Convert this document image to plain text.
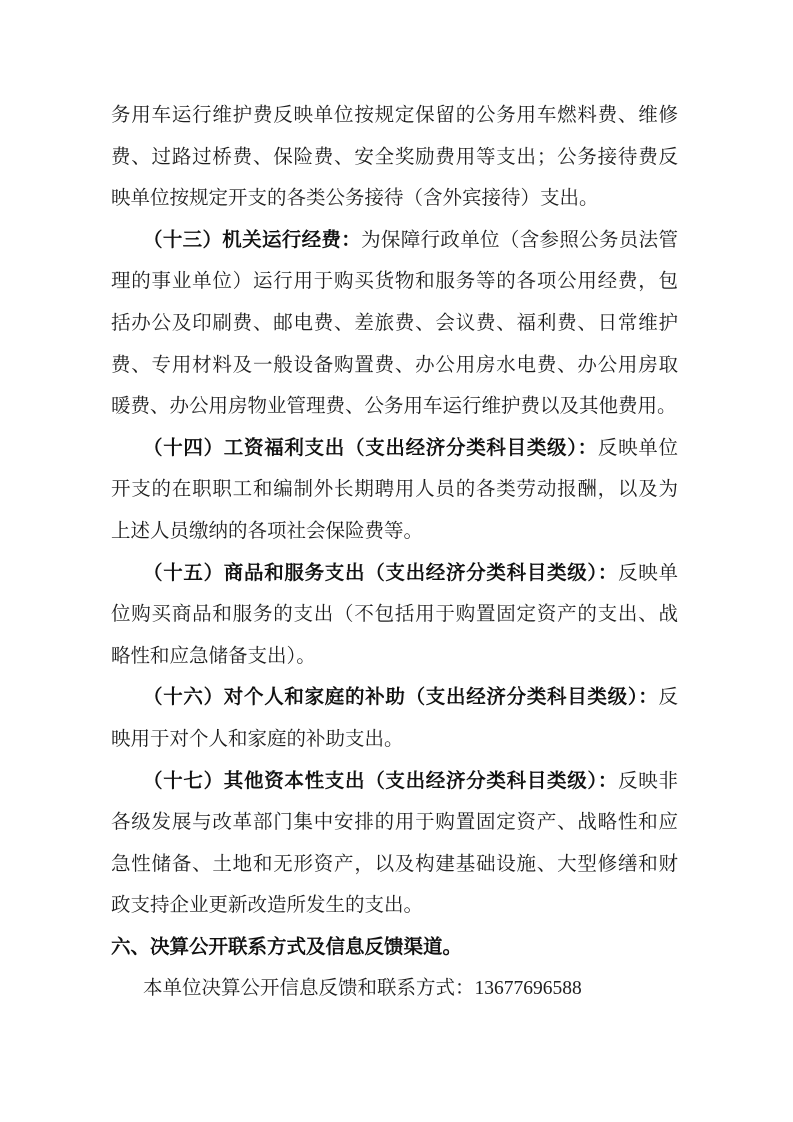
务用车运行维护费反映单位按规定保留的公务用车燃料费、维修
费、过路过桥费、保险费、安全奖励费用等支出；公务接待费反
映单位按规定开支的各类公务接待（含外宾接待）支出。
（十三）机关运行经费：为保障行政单位（含参照公务员法管
理的事业单位）运行用于购买货物和服务等的各项公用经费，包
括办公及印刷费、邮电费、差旅费、会议费、福利费、日常维护
费、专用材料及一般设备购置费、办公用房水电费、办公用房取
暖费、办公用房物业管理费、公务用车运行维护费以及其他费用。
（十四）工资福利支出（支出经济分类科目类级）：反映单位
开支的在职职工和编制外长期聘用人员的各类劳动报酬，以及为
上述人员缴纳的各项社会保险费等。
（十五）商品和服务支出（支出经济分类科目类级）：反映单
位购买商品和服务的支出（不包括用于购置固定资产的支出、战
略性和应急储备支出）。
（十六）对个人和家庭的补助（支出经济分类科目类级）：反
映用于对个人和家庭的补助支出。
（十七）其他资本性支出（支出经济分类科目类级）：反映非
各级发展与改革部门集中安排的用于购置固定资产、战略性和应
急性储备、土地和无形资产，以及构建基础设施、大型修缮和财
政支持企业更新改造所发生的支出。
六、决算公开联系方式及信息反馈渠道。
本单位决算公开信息反馈和联系方式：13677696588
